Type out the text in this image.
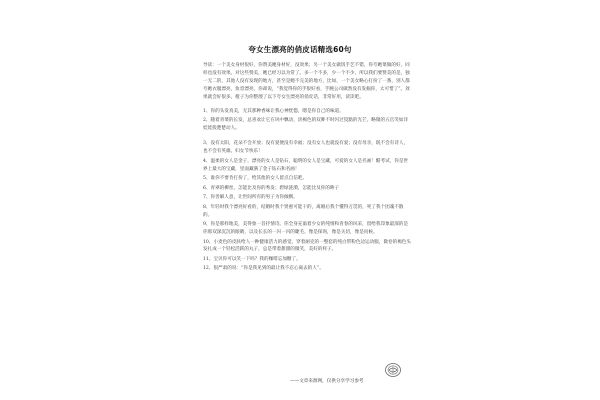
夸女生漂亮的俏皮话精选60句

导读：一个美女身材很好，你赞美她身材好，没效果；另一个美女做饭手艺不错，你夸她菜做的好，同样也没有效果。对这些赞美，她已经习以为常了。多一个不多，少一个不少，所以我们要赞美的是，独一无二的，其他人没有发现的地方，甚至是她不完美的地方，比如，一个美女略心打扮了一番，别人都夸她衣服漂亮，妆容漂亮，你却说，“我觉得你的手很好看，手腕公司做然没有发掘你，太可惜了”。效果就会好很多。橙子为你整理了以下夸女生漂亮的俏皮话，非常好用，读读吧。

1、你的头发真美，无其那种香味让我心神恍惚，嗯是你自己的味道。

2、随着青菜的长发，总喜欢让它在风中飘动，淡褐色的双眸不时闪过狡黠的光芒，略微的五官笑如洋娃娃般楚楚动人。

3、没有太阳，花朵不会开放；没有爱便没有幸福；没有女人也就没有爱；没有母亲，既不会有诗人，也不会有英雄。妇女节快乐！

4、温柔的女人是金子，漂亮的女人是钻石，聪明的女人是宝藏，可爱的女人是名画！酷考试，你是世界上最大的宝藏，里面藏满了金子钻石和名画！

5、谁你不要肯打扮了，给其他的女人留点自信吧。

6、青翠的柳丝，怎能比及你的秀发；碧绿涟漪，怎能比及你的眸子

7、你善解人意，让世间所有的男子为你倾倒。

8、年轻时我个漂亮好看的，结婚时我个贤惠可能干的，离婚后我个懂得万贯的，死了我个团魂不散的。

9、你是那样地美，美得象一首抒情诗。你全身充溢着少女的纯情和青春的风采，留给我印象最深的是你那双深沉沉的眼睛，以及长长的一闪一闪的睫毛。像是探询，像是关切，像是问候。

10、小麦色的皮肤给人一种健康活力的感觉，穿着耐克的一整套的纯白带粉色边运动服，微卷的褐色头发扎成一个轻松活跃的丸子，总是带着甜甜的微笑，美好的样子。

11、宝贝你可以笑一下吗？我的咖啡忘加糖了。

12、很严肃的说：“你是我见到的最让我不忍心离去的人”。

——文章来源网，仅供分享学习参考
